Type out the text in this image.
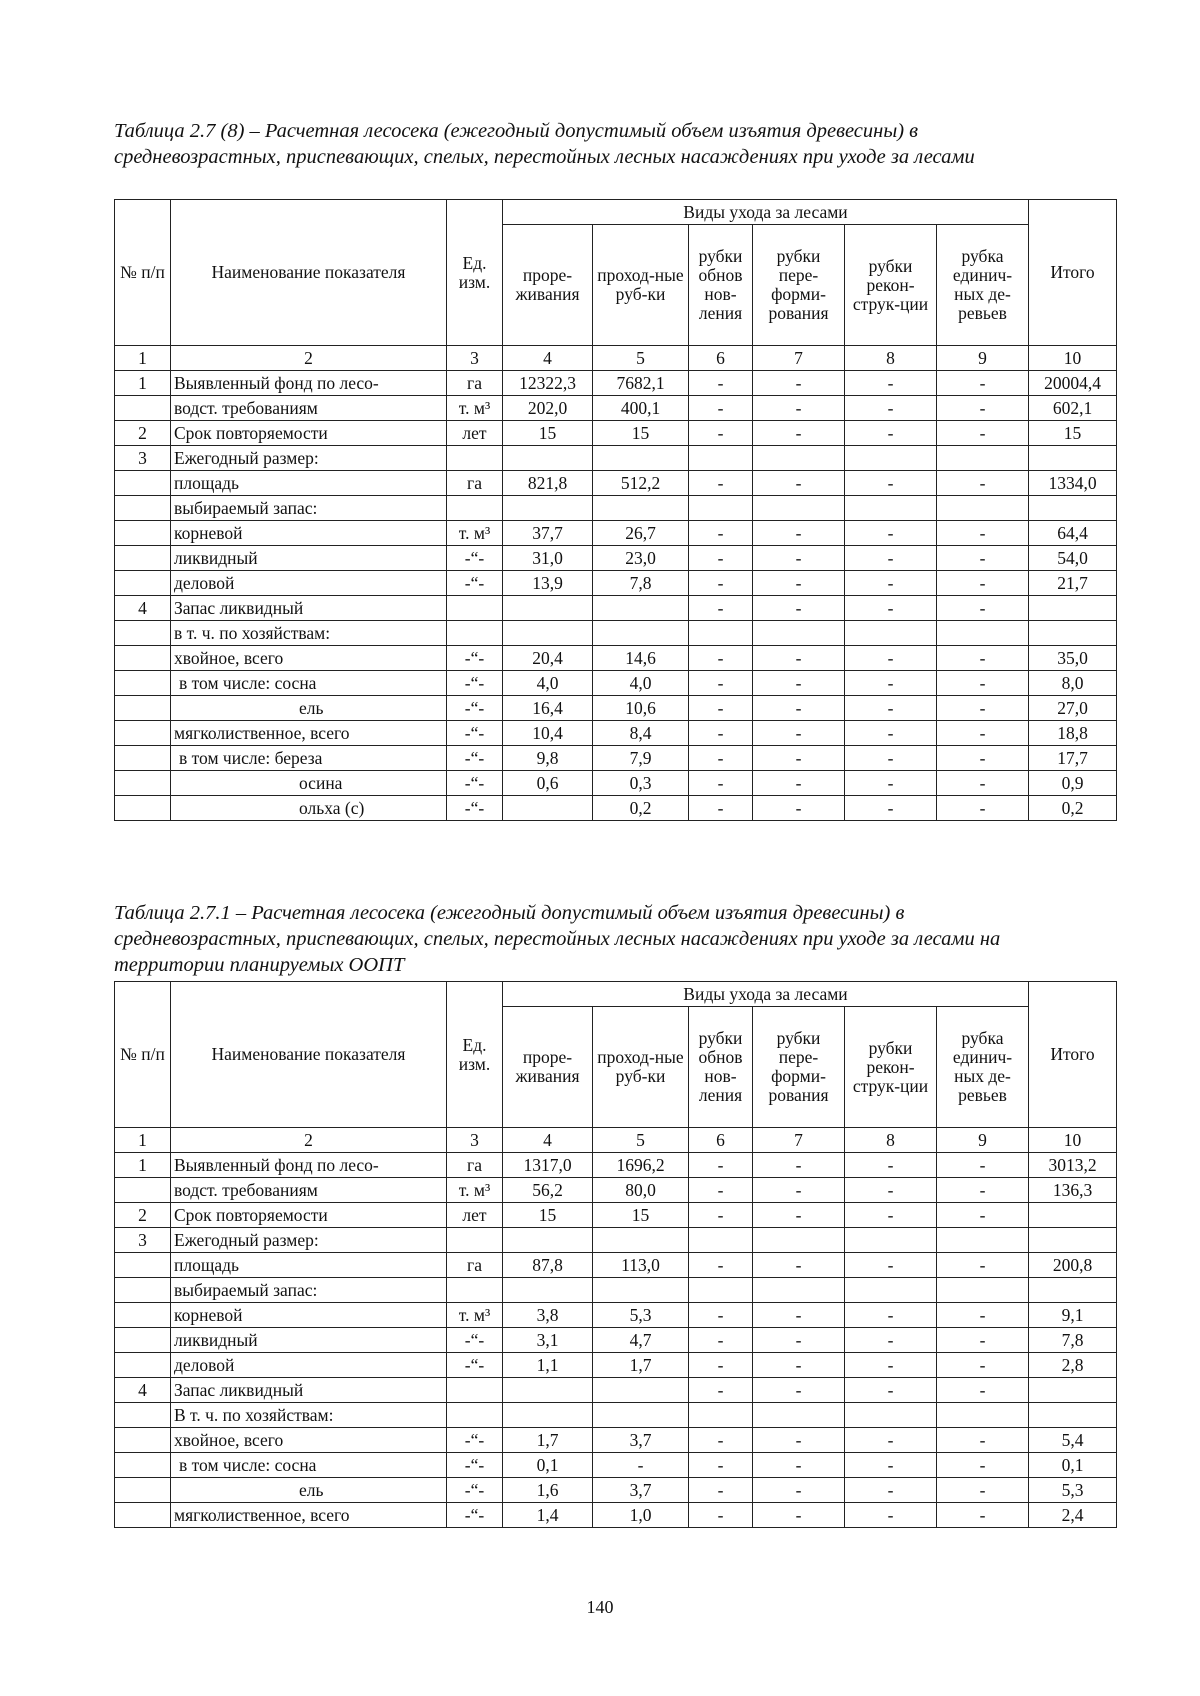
Таблица 2.7 (8) – Расчетная лесосека (ежегодный допустимый объем изъятия древесины) в средневозрастных, приспевающих, спелых, перестойных лесных насаждениях при уходе за лесами

№ п/п	Наименование показателя	Ед. изм.	Виды ухода за лесами						Итого
			проре-живания	проход-ные руб-ки	рубки обнов нов-ления	рубки пере-форми-рования	рубки рекон-струк-ции	рубка единич-ных де-ревьев	
1	2	3	4	5	6	7	8	9	10
1	Выявленный фонд по лесо-	га	12322,3	7682,1	-	-	-	-	20004,4
	водст. требованиям	т. м³	202,0	400,1	-	-	-	-	602,1
2	Срок повторяемости	лет	15	15	-	-	-	-	15
3	Ежегодный размер:								
	площадь	га	821,8	512,2	-	-	-	-	1334,0
	выбираемый запас:								
	корневой	т. м³	37,7	26,7	-	-	-	-	64,4
	ликвидный	-“-	31,0	23,0	-	-	-	-	54,0
	деловой	-“-	13,9	7,8	-	-	-	-	21,7
4	Запас ликвидный				-	-	-	-	
	в т. ч. по хозяйствам:								
	хвойное, всего	-“-	20,4	14,6	-	-	-	-	35,0
	в том числе: сосна	-“-	4,0	4,0	-	-	-	-	8,0
	ель	-“-	16,4	10,6	-	-	-	-	27,0
	мягколиственное, всего	-“-	10,4	8,4	-	-	-	-	18,8
	в том числе: береза	-“-	9,8	7,9	-	-	-	-	17,7
	осина	-“-	0,6	0,3	-	-	-	-	0,9
	ольха (с)	-“-		0,2	-	-	-	-	0,2

Таблица 2.7.1 – Расчетная лесосека (ежегодный допустимый объем изъятия древесины) в средневозрастных, приспевающих, спелых, перестойных лесных насаждениях при уходе за лесами на территории планируемых ООПТ

№ п/п	Наименование показателя	Ед. изм.	Виды ухода за лесами						Итого
			проре-живания	проход-ные руб-ки	рубки обнов нов-ления	рубки пере-форми-рования	рубки рекон-струк-ции	рубка единич-ных де-ревьев	
1	2	3	4	5	6	7	8	9	10
1	Выявленный фонд по лесо-	га	1317,0	1696,2	-	-	-	-	3013,2
	водст. требованиям	т. м³	56,2	80,0	-	-	-	-	136,3
2	Срок повторяемости	лет	15	15	-	-	-	-	
3	Ежегодный размер:								
	площадь	га	87,8	113,0	-	-	-	-	200,8
	выбираемый запас:								
	корневой	т. м³	3,8	5,3	-	-	-	-	9,1
	ликвидный	-“-	3,1	4,7	-	-	-	-	7,8
	деловой	-“-	1,1	1,7	-	-	-	-	2,8
4	Запас ликвидный				-	-	-	-	
	В т. ч. по хозяйствам:								
	хвойное, всего	-“-	1,7	3,7	-	-	-	-	5,4
	в том числе: сосна	-“-	0,1	-	-	-	-	-	0,1
	ель	-“-	1,6	3,7	-	-	-	-	5,3
	мягколиственное, всего	-“-	1,4	1,0	-	-	-	-	2,4
140
